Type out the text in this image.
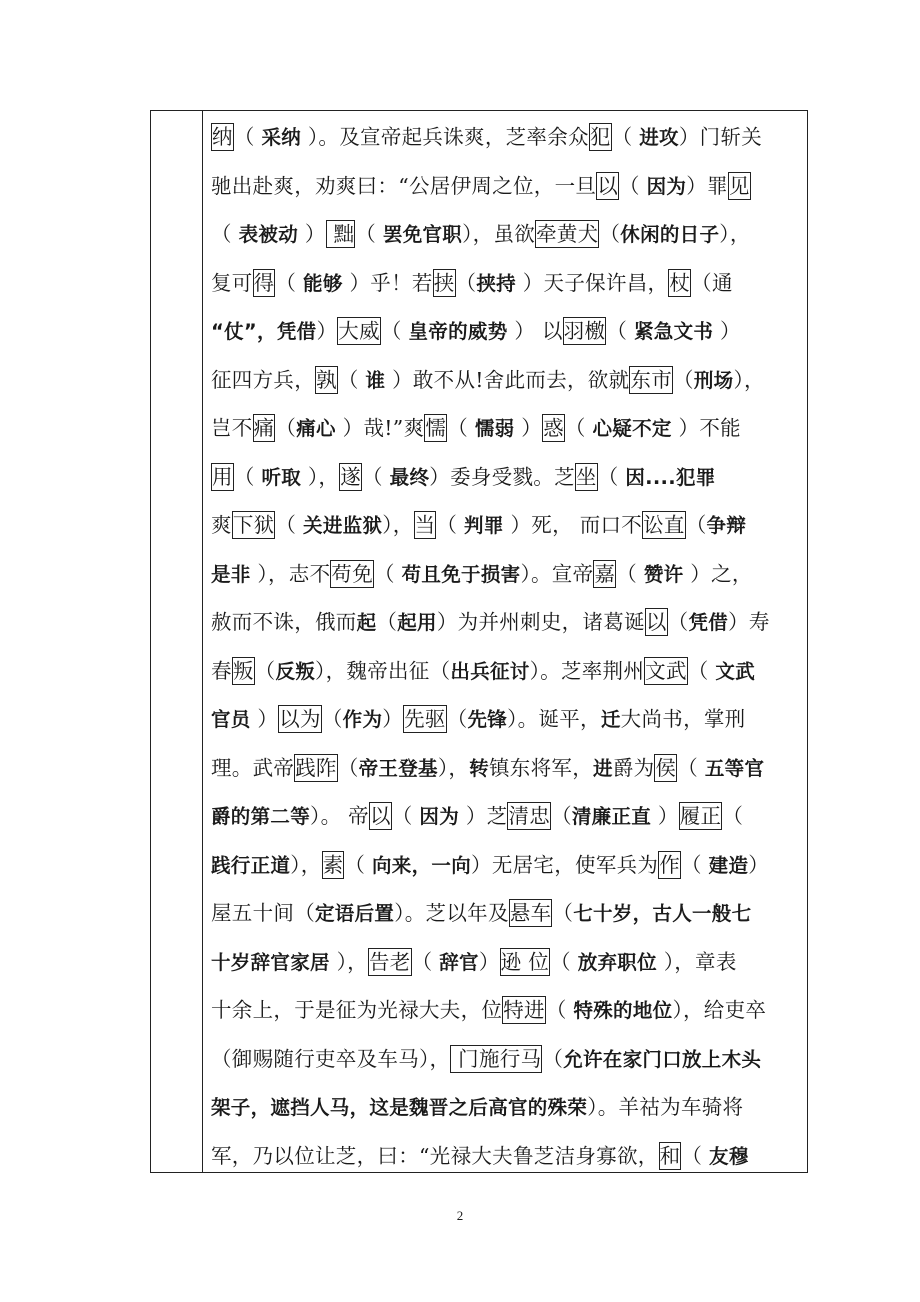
纳（ 采纳 ）。及宣帝起兵诛爽，芝率余众犯（ 进攻）门斩关
驰出赴爽，劝爽曰：“公居伊周之位，一旦以（ 因为）罪见
（ 表被动 ） 黜（ 罢免官职），虽欲牵黄犬（休闲的日子），
复可得（ 能够 ）乎！若挟（挟持 ）天子保许昌，杖（通
“仗”，凭借）大威（ 皇帝的威势 ） 以羽檄（ 紧急文书 ）
征四方兵，孰（ 谁 ）敢不从!舍此而去，欲就东市（刑场），
岂不痛（痛心 ）哉!”爽懦（ 懦弱 ）惑（ 心疑不定 ）不能
用（ 听取 ），遂（ 最终）委身受戮。芝坐（ 因....犯罪
爽下狱（ 关进监狱），当（ 判罪 ）死， 而口不讼直（争辩
是非 ），志不苟免（ 苟且免于损害）。宣帝嘉（ 赞许 ）之，
赦而不诛，俄而起（起用）为并州刺史，诸葛诞以（凭借）寿
春叛（反叛），魏帝出征（出兵征讨）。芝率荆州文武（ 文武
官员 ）以为（作为）先驱（先锋）。诞平，迁大尚书，掌刑
理。武帝践阼（帝王登基），转镇东将军，进爵为侯（ 五等官
爵的第二等）。 帝以（ 因为 ）芝清忠（清廉正直 ）履正（
践行正道），素（ 向来，一向）无居宅，使军兵为作（ 建造）
屋五十间（定语后置）。芝以年及悬车（七十岁，古人一般七
十岁辞官家居 ），告老（ 辞官）逊 位（ 放弃职位 ），章表
十余上，于是征为光禄大夫，位特进（ 特殊的地位），给吏卒
（御赐随行吏卒及车马）， 门施行马（允许在家门口放上木头
架子，遮挡人马，这是魏晋之后高官的殊荣）。羊祜为车骑将
军，乃以位让芝，曰：“光禄大夫鲁芝洁身寡欲，和（ 友穆
2
